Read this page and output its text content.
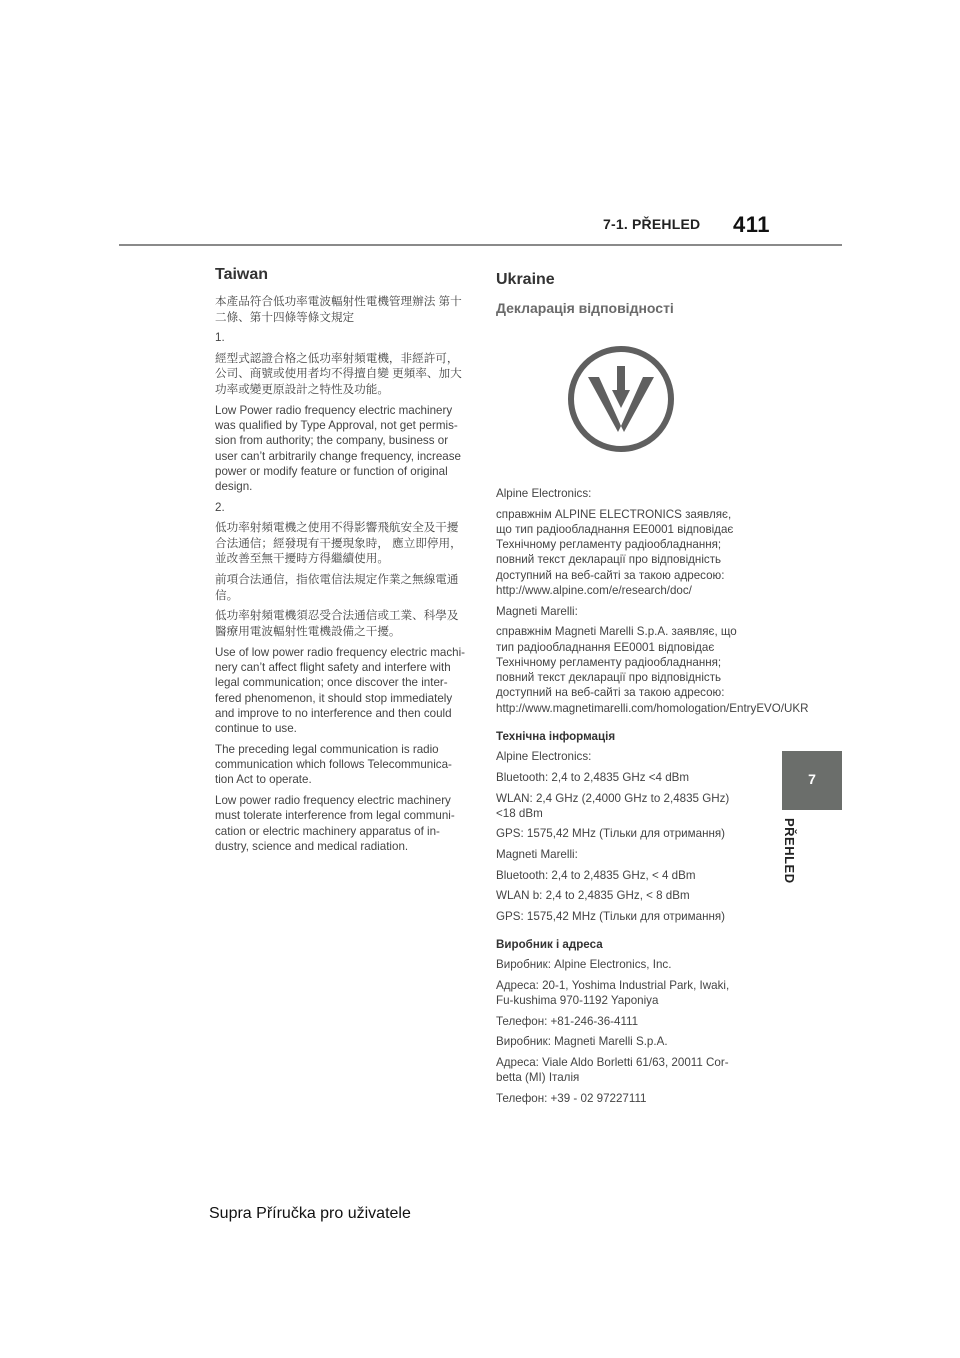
7-1. PŘEHLED 411
Taiwan

本產品符合低功率電波輻射性電機管理辦法 第十二條、第十四條等條文規定

1.

經型式認證合格之低功率射頻電機，非經許可，公司、商號或使用者均不得擅自變 更頻率、加大功率或變更原設計之特性及功能。

Low Power radio frequency electric machinery was qualified by Type Approval, not get permis-sion from authority; the company, business or user can’t arbitrarily change frequency, increase power or modify feature or function of original design.

2.

低功率射頻電機之使用不得影響飛航安全及干擾合法通信；經發現有干擾現象時， 應立即停用，並改善至無干擾時方得繼續使用。

前項合法通信，指依電信法規定作業之無線電通信。

低功率射頻電機須忍受合法通信或工業、科學及醫療用電波輻射性電機設備之干擾。

Use of low power radio frequency electric machi-nery can’t affect flight safety and interfere with legal communication; once discover the inter-fered phenomenon, it should stop immediately and improve to no interference and then could continue to use.

The preceding legal communication is radio communication which follows Telecommunica-tion Act to operate.

Low power radio frequency electric machinery must tolerate interference from legal communi-cation or electric machinery apparatus of in-dustry, science and medical radiation.

Ukraine
Декларація відповідності

Alpine Electronics:

справжнім ALPINE ELECTRONICS заявляє, що тип радіообладнання EE0001 відповідає Технічному регламенту радіообладнання; повний текст декларації про відповідність доступний на веб-сайті за такою адресою: http://www.alpine.com/e/research/doc/

Magneti Marelli:

справжнім Magneti Marelli S.p.A. заявляє, що тип радіообладнання EE0001 відповідає Технічному регламенту радіообладнання; повний текст декларації про відповідність доступний на веб-сайті за такою адресою: http://www.magnetimarelli.com/homologation/EntryEVO/UKR

Технічна інформація

Alpine Electronics:

Bluetooth: 2,4 to 2,4835 GHz <4 dBm

WLAN: 2,4 GHz (2,4000 GHz to 2,4835 GHz) <18 dBm

GPS: 1575,42 MHz (Тільки для отримання)

Magneti Marelli:

Bluetooth: 2,4 to 2,4835 GHz, < 4 dBm

WLAN b: 2,4 to 2,4835 GHz, < 8 dBm

GPS: 1575,42 MHz (Тільки для отримання)

Виробник і адреса

Виробник: Alpine Electronics, Inc.

Адреса: 20-1, Yoshima Industrial Park, Iwaki, Fu-kushima 970-1192 Yaponiya

Телефон: +81-246-36-4111

Виробник: Magneti Marelli S.p.A.

Адреса: Viale Aldo Borletti 61/63, 20011 Cor-betta (MI) Італія

Телефон: +39 - 02 97227111

7
PŘEHLED
Supra Příručka pro uživatele
